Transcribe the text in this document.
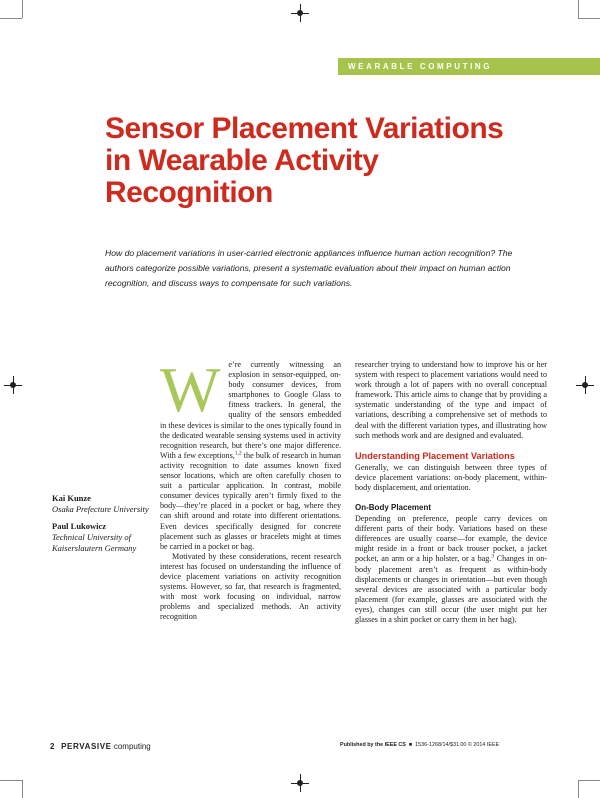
WEARABLE COMPUTING
Sensor Placement Variations in Wearable Activity Recognition

How do placement variations in user-carried electronic appliances influence human action recognition? The authors categorize possible variations, present a systematic evaluation about their impact on human action recognition, and discuss ways to compensate for such variations.

W e’re currently witnessing an explosion in sensor-equipped, on-body consumer devices, from smartphones to Google Glass to fitness trackers. In general, the quality of the sensors embedded in these devices is similar to the ones typically found in the dedicated wearable sensing systems used in activity recognition research, but there’s one major difference. With a few exceptions,$^{1,2}$ the bulk of research in human activity recognition to date assumes known fixed sensor locations, which are often carefully chosen to suit a particular application. In contrast, mobile consumer devices typically aren’t firmly fixed to the body—they’re placed in a pocket or bag, where they can shift around and rotate into different orientations. Even devices specifically designed for concrete placement such as glasses or bracelets might at times be carried in a pocket or bag.

Motivated by these considerations, recent research interest has focused on understanding the influence of device placement variations on activity recognition systems. However, so far, that research is fragmented, with most work focusing on individual, narrow problems and specialized methods. An activity recognition

Kai Kunze
Osaka Prefecture University
Paul Lukowicz
Technical University of Kaiserslautern Germany

researcher trying to understand how to improve his or her system with respect to placement variations would need to work through a lot of papers with no overall conceptual framework. This article aims to change that by providing a systematic understanding of the type and impact of variations, describing a comprehensive set of methods to deal with the different variation types, and illustrating how such methods work and are designed and evaluated.

Understanding Placement Variations

Generally, we can distinguish between three types of device placement variations: on-body placement, within-body displacement, and orientation.

On-Body Placement

Depending on preference, people carry devices on different parts of their body. Variations based on these differences are usually coarse—for example, the device might reside in a front or back trouser pocket, a jacket pocket, an arm or a hip holster, or a bag.$^3$ Changes in on-body placement aren’t as frequent as within-body displacements or changes in orientation—but even though several devices are associated with a particular body placement (for example, glasses are associated with the eyes), changes can still occur (the user might put her glasses in a shirt pocket or carry them in her bag).

2 PERVASIVE computing	Published by the IEEE CS ■ 1536-1268/14/$31.00 © 2014 IEEE
